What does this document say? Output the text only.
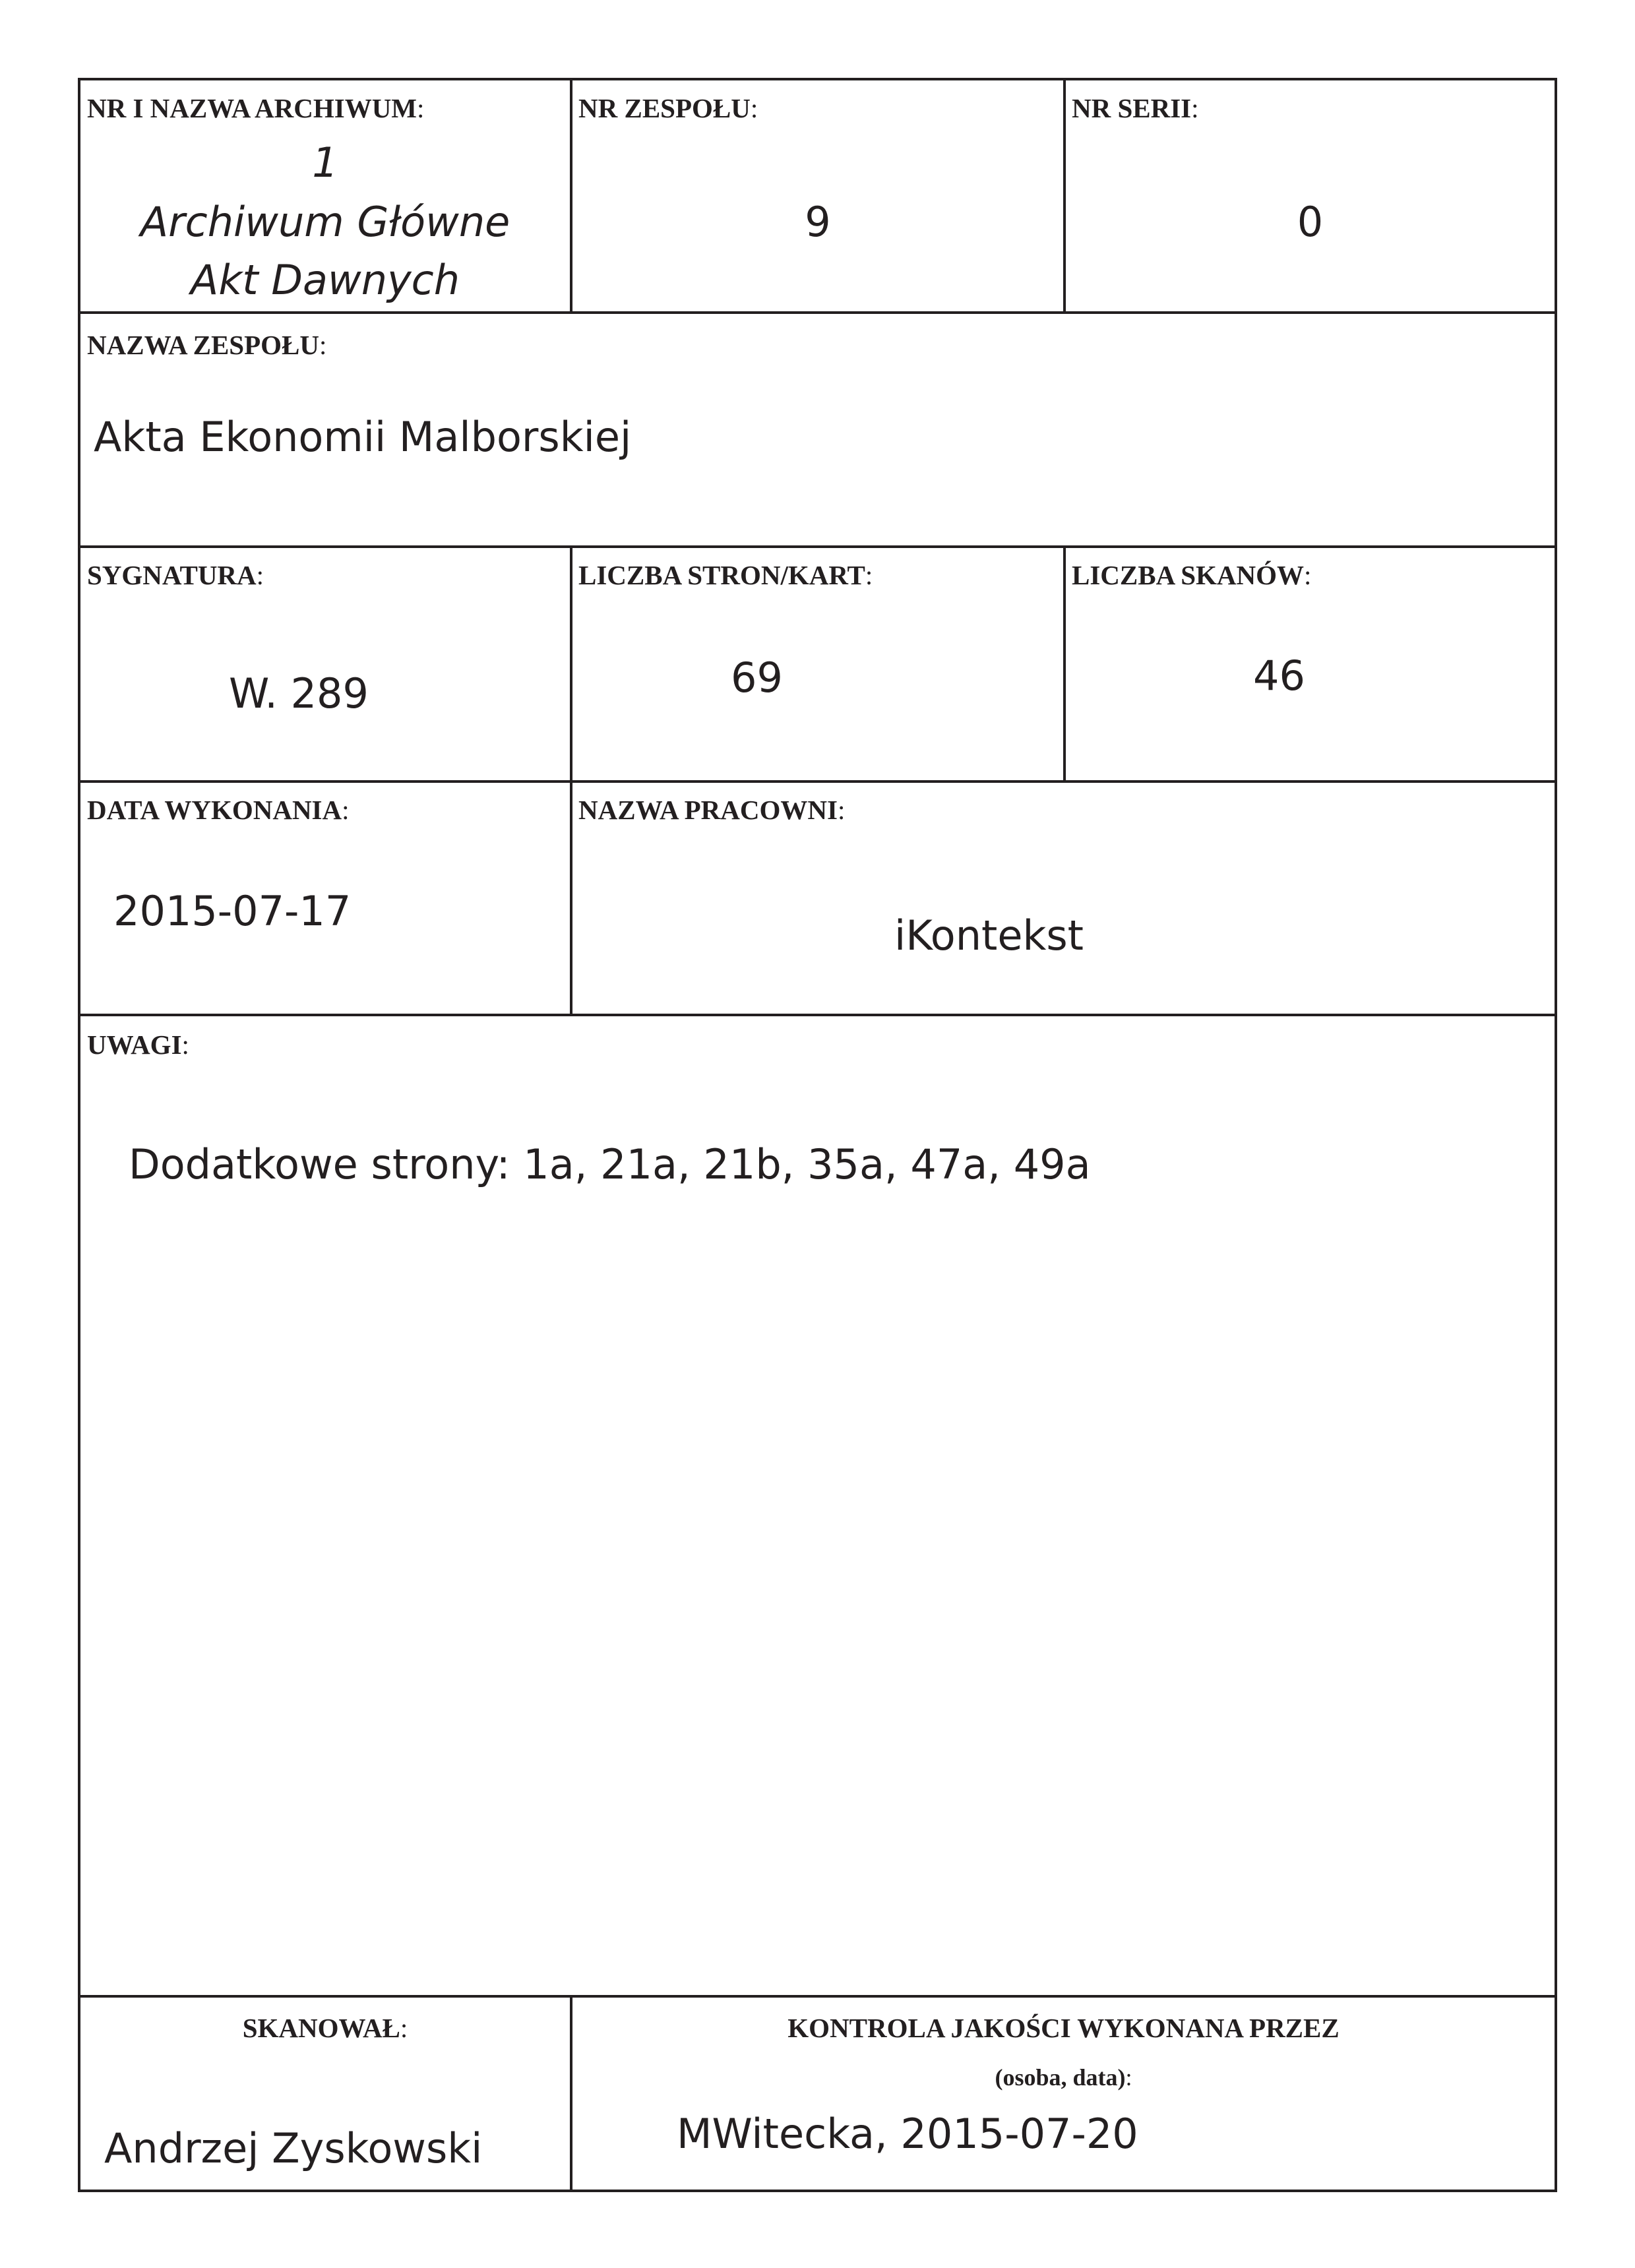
NR I NAZWA ARCHIWUM:
1
Archiwum Główne
Akt Dawnych
NR ZESPOŁU:
9
NR SERII:
0
NAZWA ZESPOŁU:
Akta Ekonomii Malborskiej
SYGNATURA:
W. 289
LICZBA STRON/KART:
69
LICZBA SKANÓW:
46
DATA WYKONANIA:
2015-07-17
NAZWA PRACOWNI:
iKontekst
UWAGI:
Dodatkowe strony: 1a, 21a, 21b, 35a, 47a, 49a
SKANOWAŁ:
Andrzej Zyskowski
KONTROLA JAKOŚCI WYKONANA PRZEZ
(osoba, data):
MWitecka, 2015-07-20
